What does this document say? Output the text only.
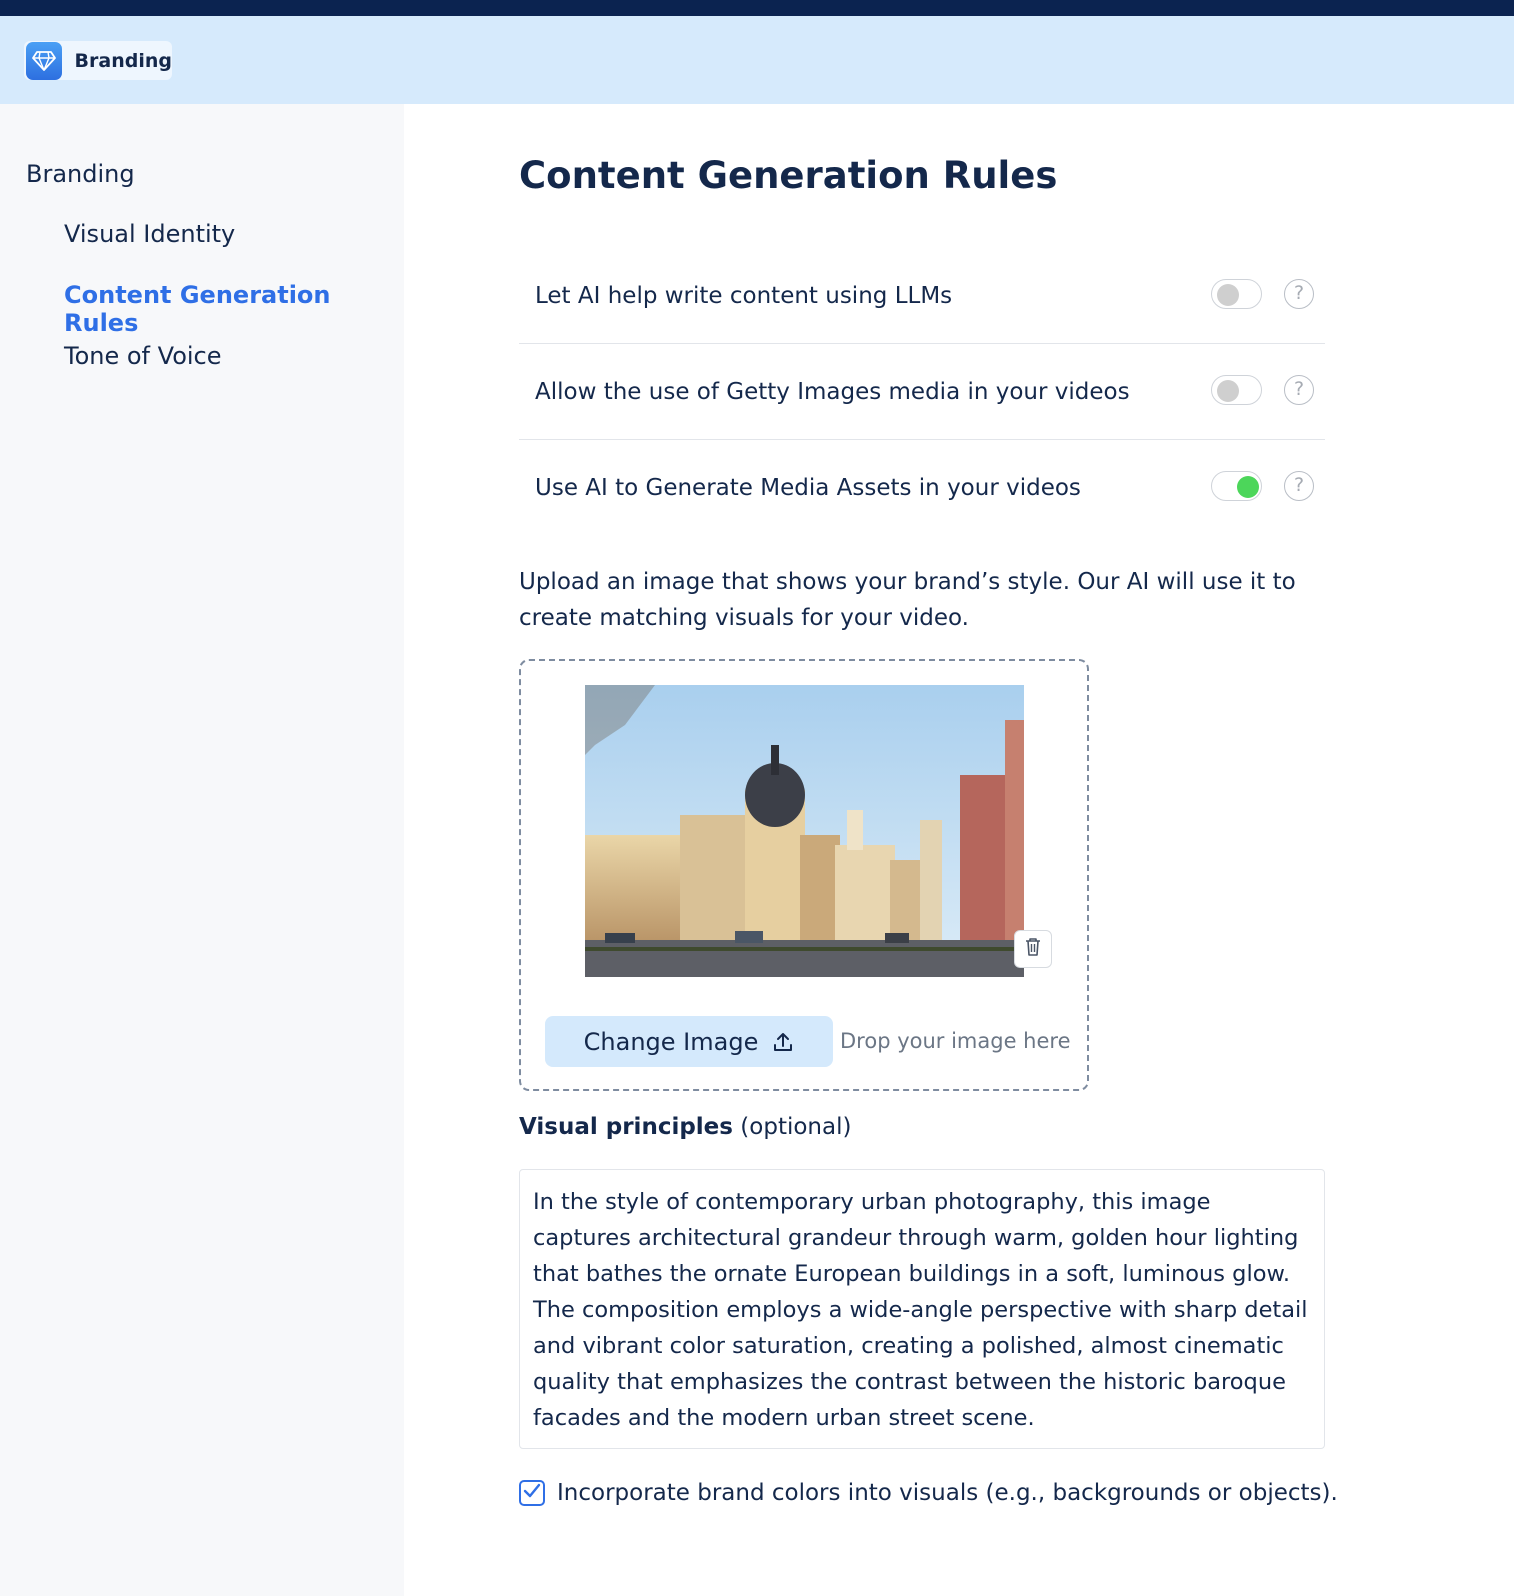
Branding
Branding
Visual Identity
Content Generation Rules
Tone of Voice
Content Generation Rules
Let AI help write content using LLMs	?
Allow the use of Getty Images media in your videos	?
Use AI to Generate Media Assets in your videos	?
Upload an image that shows your brand’s style. Our AI will use it to create matching visuals for your video.
Change Image	Drop your image here
Visual principles (optional)
In the style of contemporary urban photography, this image captures architectural grandeur through warm, golden hour lighting that bathes the ornate European buildings in a soft, luminous glow. The composition employs a wide-angle perspective with sharp detail and vibrant color saturation, creating a polished, almost cinematic quality that emphasizes the contrast between the historic baroque facades and the modern urban street scene.
Incorporate brand colors into visuals (e.g., backgrounds or objects).
